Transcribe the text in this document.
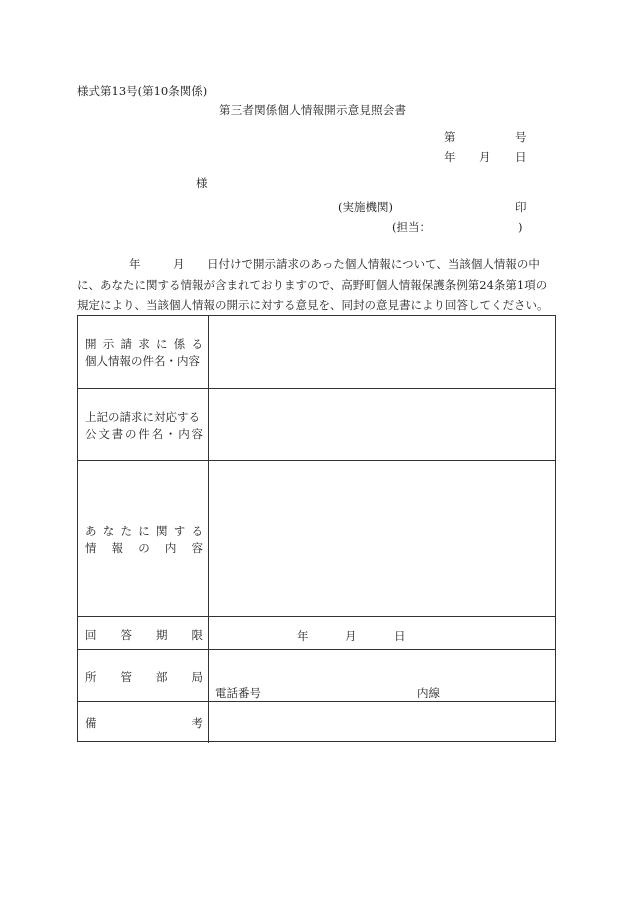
様式第13号(第10条関係)
第三者関係個人情報開示意見照会書
第	号
年 月 日
様
(実施機関)	印
(担当：	)
年	月 日付けで開示請求のあった個人情報について、当該個人情報の中
に、あなたに関する情報が含まれておりますので、高野町個人情報保護条例第24条第1項の
規定により、当該個人情報の開示に対する意見を、同封の意見書により回答してください。
開 示 請 求 に 係 る
個人情報の件名・内容
上記の請求に対応する
公 文 書 の 件 名 ・ 内 容
あ な た に 関 す る
情 報 の 内 容
回 答 期 限	年	月	日
所 管 部 局
電話番号	内線
備	考
